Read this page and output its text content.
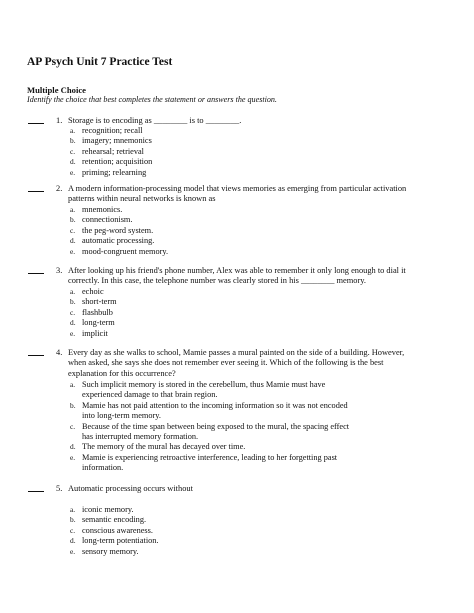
AP Psych Unit 7 Practice Test
Multiple Choice
Identify the choice that best completes the statement or answers the question.
1. Storage is to encoding as ________ is to ________.
a. recognition; recall
b. imagery; mnemonics
c. rehearsal; retrieval
d. retention; acquisition
e. priming; relearning
2. A modern information-processing model that views memories as emerging from particular activation
patterns within neural networks is known as
a. mnemonics.
b. connectionism.
c. the peg-word system.
d. automatic processing.
e. mood-congruent memory.
3. After looking up his friend's phone number, Alex was able to remember it only long enough to dial it
correctly. In this case, the telephone number was clearly stored in his ________ memory.
a. echoic
b. short-term
c. flashbulb
d. long-term
e. implicit
4. Every day as she walks to school, Mamie passes a mural painted on the side of a building. However,
when asked, she says she does not remember ever seeing it. Which of the following is the best
explanation for this occurrence?
a. Such implicit memory is stored in the cerebellum, thus Mamie must have
experienced damage to that brain region.
b. Mamie has not paid attention to the incoming information so it was not encoded
into long-term memory.
c. Because of the time span between being exposed to the mural, the spacing effect
has interrupted memory formation.
d. The memory of the mural has decayed over time.
e. Mamie is experiencing retroactive interference, leading to her forgetting past
information.
5. Automatic processing occurs without
a. iconic memory.
b. semantic encoding.
c. conscious awareness.
d. long-term potentiation.
e. sensory memory.
